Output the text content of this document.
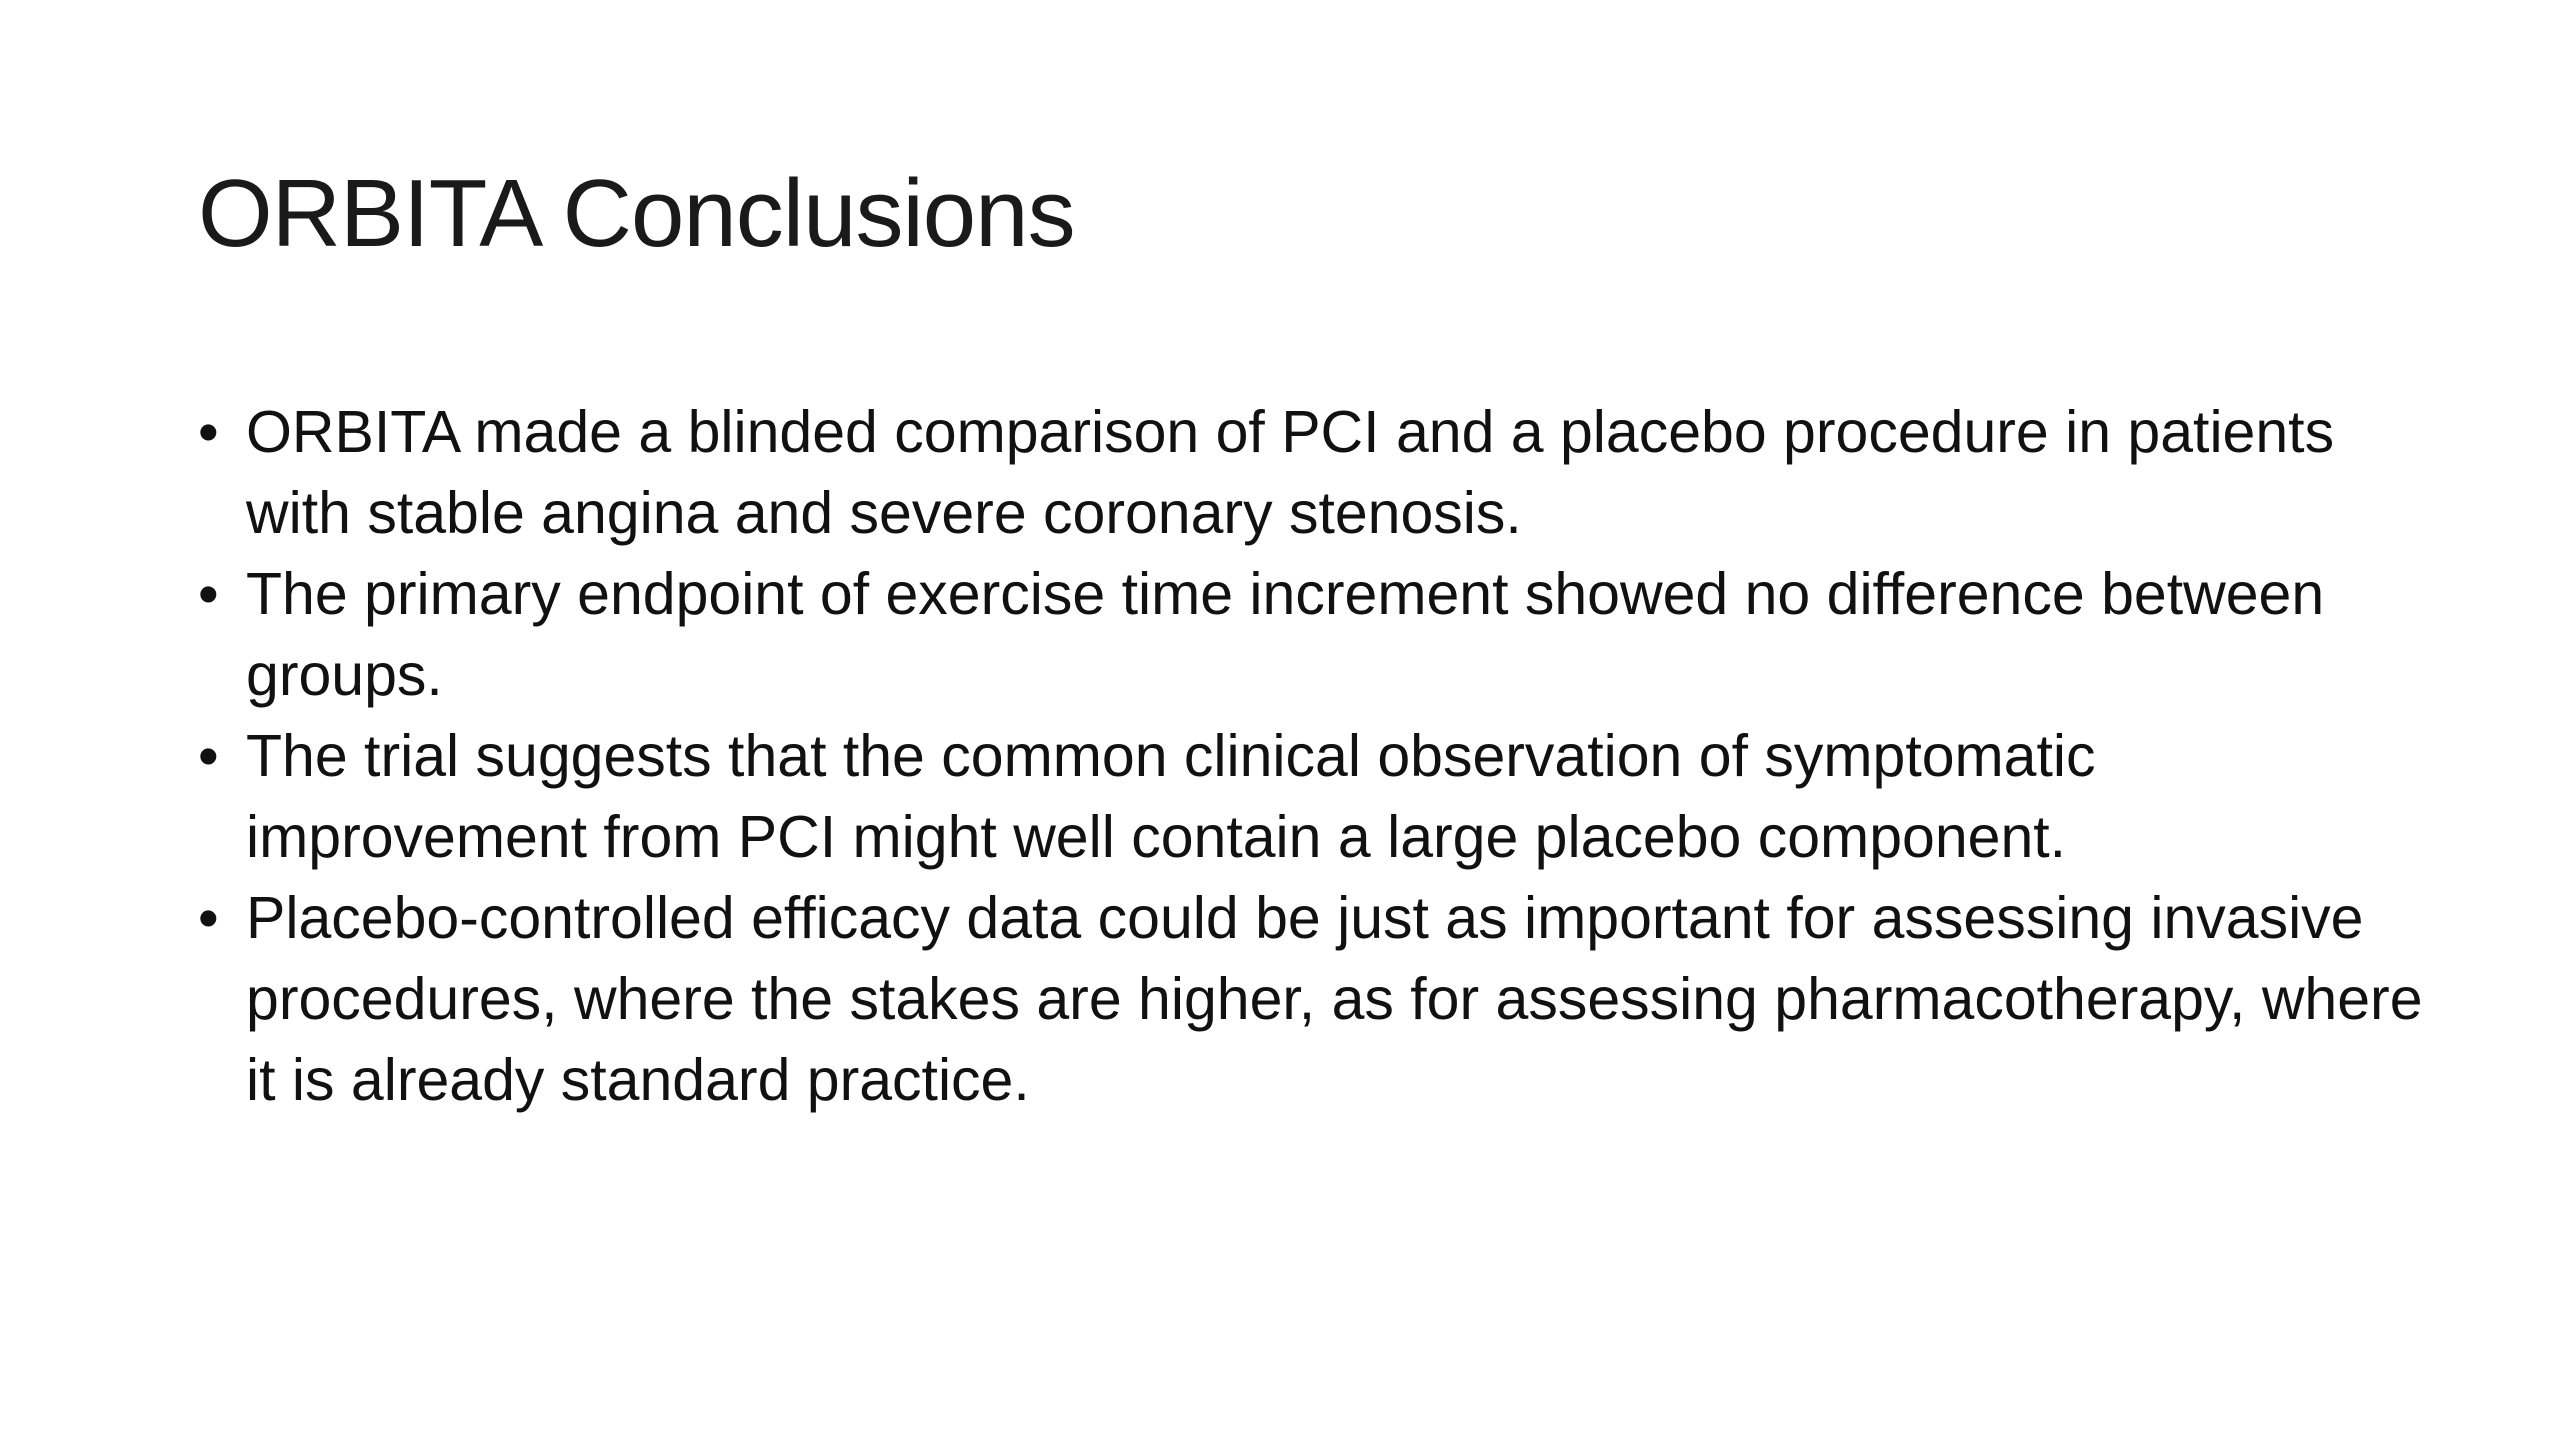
ORBITA Conclusions
• ORBITA made a blinded comparison of PCI and a placebo procedure in patients with stable angina and severe coronary stenosis.
• The primary endpoint of exercise time increment showed no difference between groups.
• The trial suggests that the common clinical observation of symptomatic improvement from PCI might well contain a large placebo component.
• Placebo-controlled efficacy data could be just as important for assessing invasive procedures, where the stakes are higher, as for assessing pharmacotherapy, where it is already standard practice.
